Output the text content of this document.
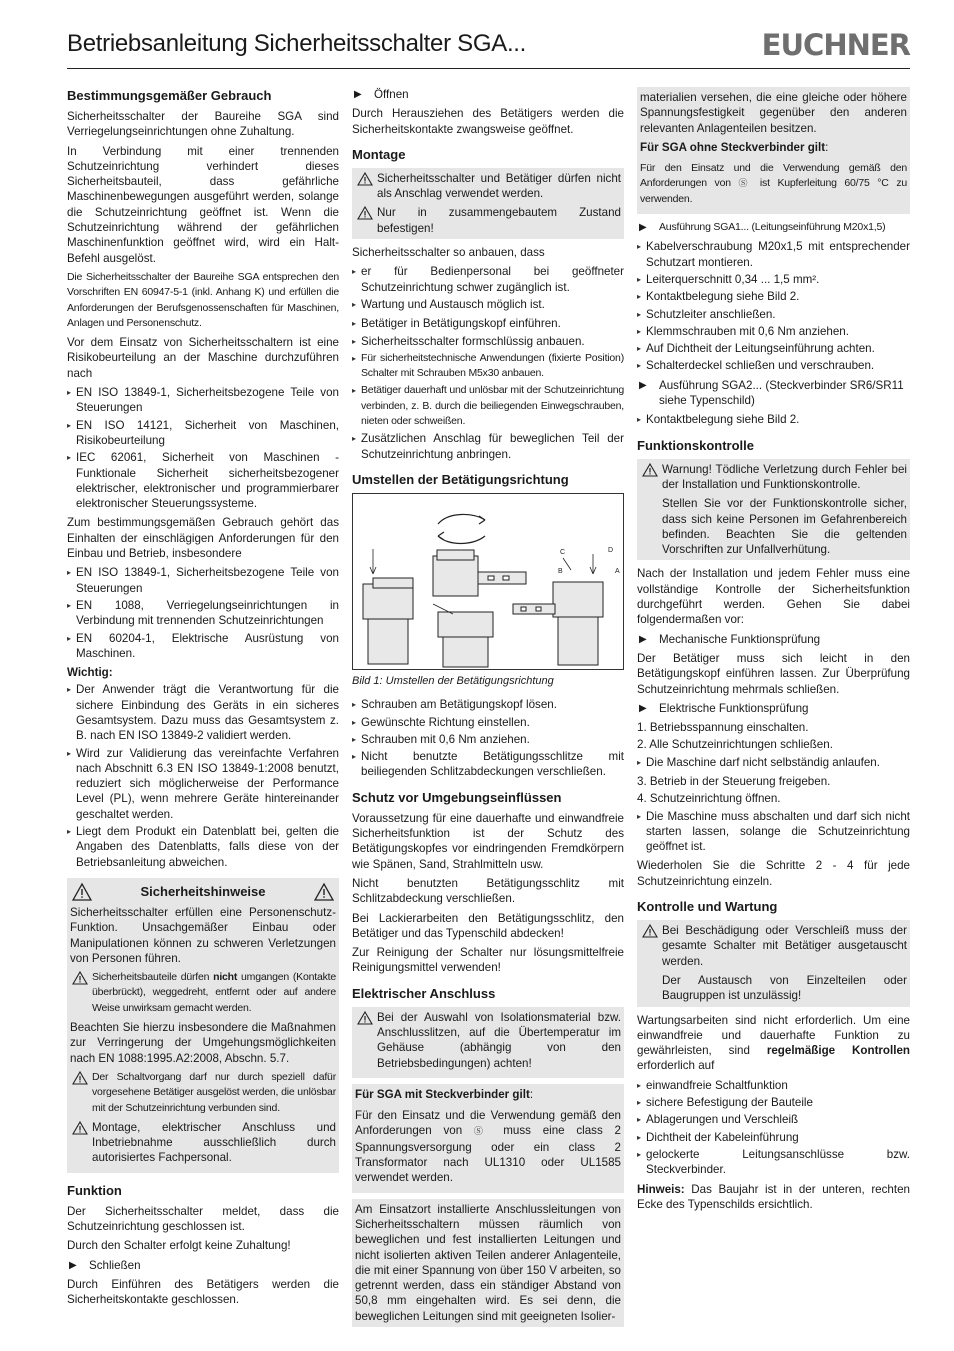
Betriebsanleitung Sicherheitsschalter SGA...	EUCHNER
Bestimmungsgemäßer Gebrauch

Sicherheitsschalter der Baureihe SGA sind Verriegelungseinrichtungen ohne Zuhaltung.

In Verbindung mit einer trennenden Schutzeinrichtung verhindert dieses Sicherheitsbauteil, dass gefährliche Maschinenbewegungen ausgeführt werden, solange die Schutzeinrichtung geöffnet ist. Wenn die Schutzeinrichtung während der gefährlichen Maschinenfunktion geöffnet wird, wird ein Halt-Befehl ausgelöst.

Die Sicherheitsschalter der Baureihe SGA entsprechen den Vorschriften EN 60947-5-1 (inkl. Anhang K) und erfüllen die Anforderungen der Berufsgenossenschaften für Maschinen, Anlagen und Personenschutz.

Vor dem Einsatz von Sicherheitsschaltern ist eine Risikobeurteilung an der Maschine durchzuführen nach

▸ EN ISO 13849-1, Sicherheitsbezogene Teile von Steuerungen
▸ EN ISO 14121, Sicherheit von Maschinen, Risikobeurteilung
▸ IEC 62061, Sicherheit von Maschinen - Funktionale Sicherheit sicherheitsbezogener elektrischer, elektronischer und programmierbarer elektronischer Steuerungssysteme.

Zum bestimmungsgemäßen Gebrauch gehört das Einhalten der einschlägigen Anforderungen für den Einbau und Betrieb, insbesondere

▸ EN ISO 13849-1, Sicherheitsbezogene Teile von Steuerungen
▸ EN 1088, Verriegelungseinrichtungen in Verbindung mit trennenden Schutzeinrichtungen
▸ EN 60204-1, Elektrische Ausrüstung von Maschinen.

Wichtig:

▸ Der Anwender trägt die Verantwortung für die sichere Einbindung des Geräts in ein sicheres Gesamtsystem. Dazu muss das Gesamtsystem z. B. nach EN ISO 13849-2 validiert werden.
▸ Wird zur Validierung das vereinfachte Verfahren nach Abschnitt 6.3 EN ISO 13849-1:2008 benutzt, reduziert sich möglicherweise der Performance Level (PL), wenn mehrere Geräte hintereinander geschaltet werden.
▸ Liegt dem Produkt ein Datenblatt bei, gelten die Angaben des Datenblatts, falls diese von der Betriebsanleitung abweichen.
Sicherheitshinweise

Sicherheitsschalter erfüllen eine Personenschutz-Funktion. Unsachgemäßer Einbau oder Manipulationen können zu schweren Verletzungen von Personen führen.

Sicherheitsbauteile dürfen nicht umgangen (Kontakte überbrückt), weggedreht, entfernt oder auf andere Weise unwirksam gemacht werden.

Beachten Sie hierzu insbesondere die Maßnahmen zur Verringerung der Umgehungsmöglichkeiten nach EN 1088:1995.A2:2008, Abschn. 5.7.

Der Schaltvorgang darf nur durch speziell dafür vorgesehene Betätiger ausgelöst werden, die unlösbar mit der Schutzeinrichtung verbunden sind.
Montage, elektrischer Anschluss und Inbetriebnahme ausschließlich durch autorisiertes Fachpersonal.
Funktion

Der Sicherheitsschalter meldet, dass die Schutzeinrichtung geschlossen ist.

Durch den Schalter erfolgt keine Zuhaltung!

▶ Schließen

Durch Einführen des Betätigers werden die Sicherheitskontakte geschlossen.

▶ Öffnen

Durch Herausziehen des Betätigers werden die Sicherheitskontakte zwangsweise geöffnet.

Montage
Sicherheitsschalter und Betätiger dürfen nicht als Anschlag verwendet werden.
Nur in zusammengebautem Zustand befestigen!

Sicherheitsschalter so anbauen, dass

▸ er für Bedienpersonal bei geöffneter Schutzeinrichtung schwer zugänglich ist.
▸ Wartung und Austausch möglich ist.
▸ Betätiger in Betätigungskopf einführen.
▸ Sicherheitsschalter formschlüssig anbauen.
▸ Für sicherheitstechnische Anwendungen (fixierte Position) Schalter mit Schrauben M5x30 anbauen.
▸ Betätiger dauerhaft und unlösbar mit der Schutzeinrichtung verbinden, z. B. durch die beiliegenden Einwegschrauben, nieten oder schweißen.
▸ Zusätzlichen Anschlag für beweglichen Teil der Schutzeinrichtung anbringen.
Umstellen der Betätigungsrichtung
C	D
B	A
Bild 1: Umstellen der Betätigungsrichtung
▸ Schrauben am Betätigungskopf lösen.
▸ Gewünschte Richtung einstellen.
▸ Schrauben mit 0,6 Nm anziehen.
▸ Nicht benutzte Betätigungsschlitze mit beiliegenden Schlitzabdeckungen verschließen.
Schutz vor Umgebungseinflüssen

Voraussetzung für eine dauerhafte und einwandfreie Sicherheitsfunktion ist der Schutz des Betätigungskopfes vor eindringenden Fremdkörpern wie Spänen, Sand, Strahlmitteln usw.

Nicht benutzten Betätigungsschlitz mit Schlitzabdeckung verschließen.

Bei Lackierarbeiten den Betätigungsschlitz, den Betätiger und das Typenschild abdecken!

Zur Reinigung der Schalter nur lösungsmittelfreie Reinigungsmittel verwenden!

Elektrischer Anschluss
Bei der Auswahl von Isolationsmaterial bzw. Anschlusslitzen, auf die Übertemperatur im Gehäuse (abhängig von den Betriebsbedingungen) achten!

Für SGA mit Steckverbinder gilt:

Für den Einsatz und die Verwendung gemäß den Anforderungen von Ⓢ muss eine class 2 Spannungsversorgung oder ein class 2 Transformator nach UL1310 oder UL1585 verwendet werden.

Am Einsatzort installierte Anschlussleitungen von Sicherheitsschaltern müssen räumlich von beweglichen und fest installierten Leitungen und nicht isolierten aktiven Teilen anderer Anlagenteile, die mit einer Spannung von über 150 V arbeiten, so getrennt werden, dass ein ständiger Abstand von 50,8 mm eingehalten wird. Es sei denn, die beweglichen Leitungen sind mit geeigneten Isolier-

materialien versehen, die eine gleiche oder höhere Spannungsfestigkeit gegenüber den anderen relevanten Anlagenteilen besitzen.

Für SGA ohne Steckverbinder gilt:

Für den Einsatz und die Verwendung gemäß den Anforderungen von Ⓢ ist Kupferleitung 60/75 °C zu verwenden.

▶ Ausführung SGA1... (Leitungseinführung M20x1,5)
▸ Kabelverschraubung M20x1,5 mit entsprechender Schutzart montieren.
▸ Leiterquerschnitt 0,34 ... 1,5 mm².
▸ Kontaktbelegung siehe Bild 2.
▸ Schutzleiter anschließen.
▸ Klemmschrauben mit 0,6 Nm anziehen.
▸ Auf Dichtheit der Leitungseinführung achten.
▸ Schalterdeckel schließen und verschrauben.
▶ Ausführung SGA2... (Steckverbinder SR6/SR11 siehe Typenschild)
▸ Kontaktbelegung siehe Bild 2.
Funktionskontrolle
Warnung! Tödliche Verletzung durch Fehler bei der Installation und Funktionskontrolle.
Stellen Sie vor der Funktionskontrolle sicher, dass sich keine Personen im Gefahrenbereich befinden. Beachten Sie die geltenden Vorschriften zur Unfallverhütung.

Nach der Installation und jedem Fehler muss eine vollständige Kontrolle der Sicherheitsfunktion durchgeführt werden. Gehen Sie dabei folgendermaßen vor:

▶ Mechanische Funktionsprüfung

Der Betätiger muss sich leicht in den Betätigungskopf einführen lassen. Zur Überprüfung Schutzeinrichtung mehrmals schließen.

▶ Elektrische Funktionsprüfung
1. Betriebsspannung einschalten.
2. Alle Schutzeinrichtungen schließen.
▸ Die Maschine darf nicht selbständig anlaufen.
3. Betrieb in der Steuerung freigeben.
4. Schutzeinrichtung öffnen.
▸ Die Maschine muss abschalten und darf sich nicht starten lassen, solange die Schutzeinrichtung geöffnet ist.

Wiederholen Sie die Schritte 2 - 4 für jede Schutzeinrichtung einzeln.

Kontrolle und Wartung
Bei Beschädigung oder Verschleiß muss der gesamte Schalter mit Betätiger ausgetauscht werden.
Der Austausch von Einzelteilen oder Baugruppen ist unzulässig!

Wartungsarbeiten sind nicht erforderlich. Um eine einwandfreie und dauerhafte Funktion zu gewährleisten, sind regelmäßige Kontrollen erforderlich auf

▸ einwandfreie Schaltfunktion
▸ sichere Befestigung der Bauteile
▸ Ablagerungen und Verschleiß
▸ Dichtheit der Kabeleinführung
▸ gelockerte Leitungsanschlüsse bzw. Steckverbinder.

Hinweis: Das Baujahr ist in der unteren, rechten Ecke des Typenschilds ersichtlich.
